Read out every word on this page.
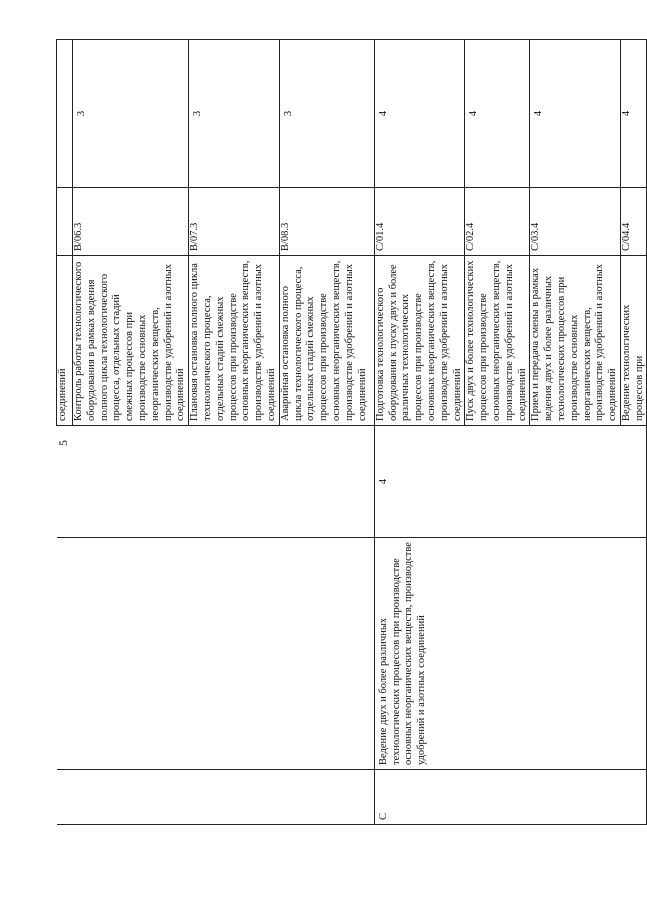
5
			соединений		
			Контроль работы технологического оборудования в рамках ведения полного цикла технологического процесса, отдельных стадий смежных процессов при производстве основных неорганических веществ, производстве удобрений и азотных соединений	B/06.3	3
			Плановая остановка полного цикла технологического процесса, отдельных стадий смежных процессов при производстве основных неорганических веществ, производстве удобрений и азотных соединений	B/07.3	3
			Аварийная остановка полного цикла технологического процесса, отдельных стадий смежных процессов при производстве основных неорганических веществ, производстве удобрений и азотных соединений	B/08.3	3
C	Ведение двух и более различных технологических процессов при производстве основных неорганических веществ, производстве удобрений и азотных соединений	4	Подготовка технологического оборудования к пуску двух и более различных технологических процессов при производстве основных неорганических веществ, производстве удобрений и азотных соединений	C/01.4	4
			Пуск двух и более технологических процессов при производстве основных неорганических веществ, производстве удобрений и азотных соединений	C/02.4	4
			Прием и передача смены в рамках ведения двух и более различных технологических процессов при производстве основных неорганических веществ, производстве удобрений и азотных соединений	C/03.4	4
			Ведение технологических процессов при	C/04.4	4
